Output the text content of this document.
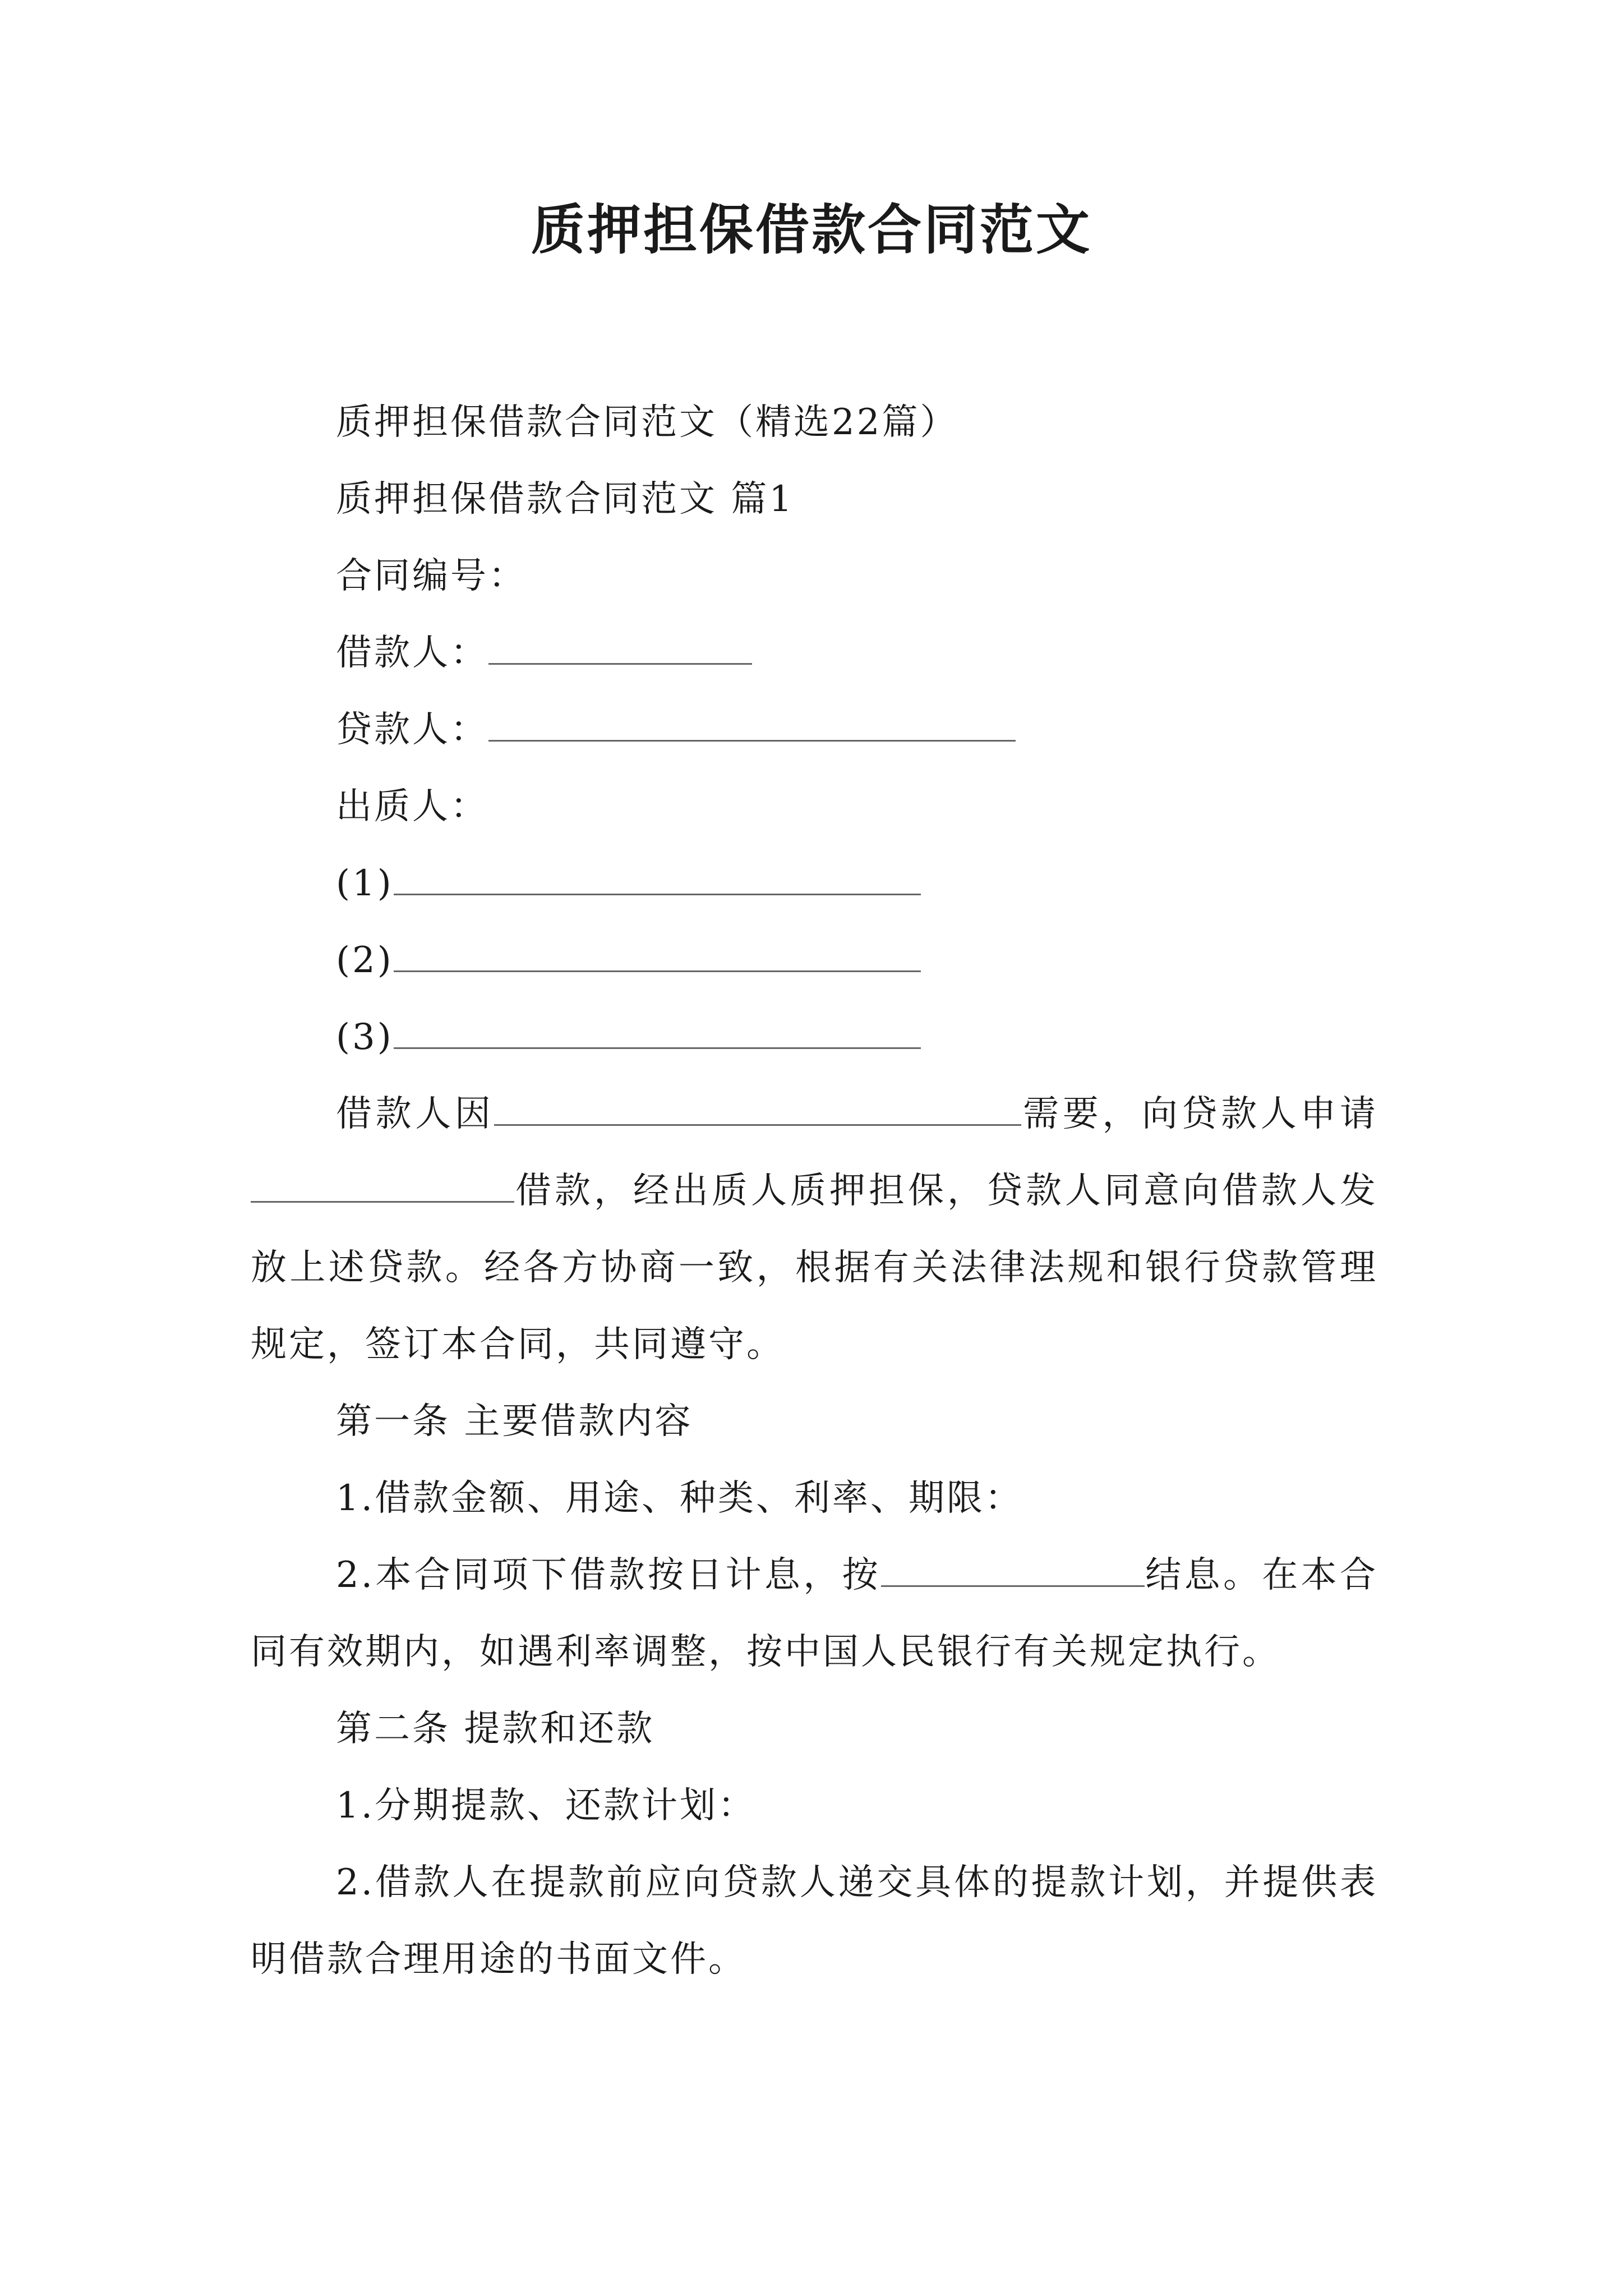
质押担保借款合同范文

质押担保借款合同范文（精选22篇）

质押担保借款合同范文 篇1

合同编号：

借款人：

贷款人：

出质人：

(1)

(2)

(3)

借款人因	需要，向贷款人申请借款，经出质人质押担保，贷款人同意向借款人发放上述贷款。经各方协商一致，根据有关法律法规和银行贷款管理规定，签订本合同，共同遵守。

第一条 主要借款内容

1.借款金额、用途、种类、利率、期限：

2.本合同项下借款按日计息，按	结息。在本合同有效期内，如遇利率调整，按中国人民银行有关规定执行。

第二条 提款和还款

1.分期提款、还款计划：

2.借款人在提款前应向贷款人递交具体的提款计划，并提供表明借款合理用途的书面文件。
